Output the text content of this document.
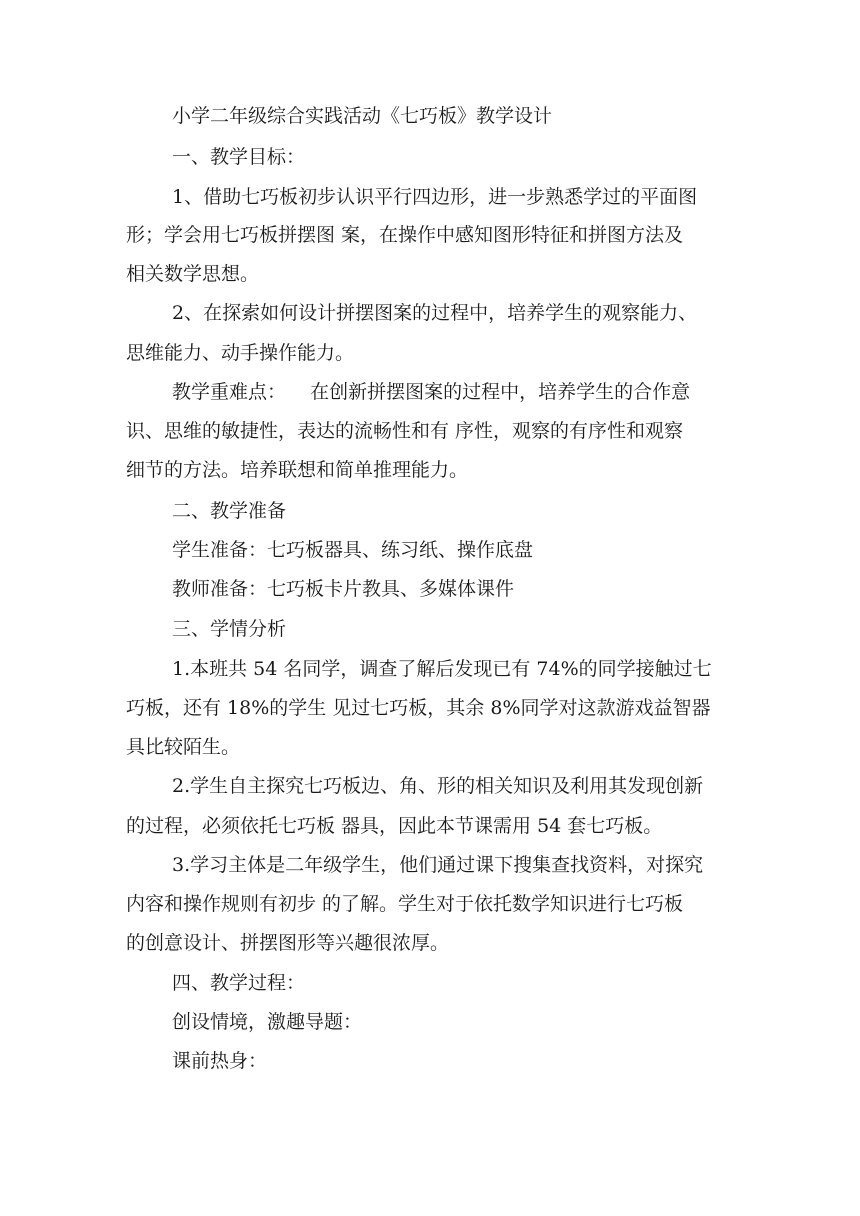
小学二年级综合实践活动《七巧板》教学设计

一、教学目标：

1、借助七巧板初步认识平行四边形，进一步熟悉学过的平面图

形；学会用七巧板拼摆图 案，在操作中感知图形特征和拼图方法及

相关数学思想。

2、在探索如何设计拼摆图案的过程中，培养学生的观察能力、

思维能力、动手操作能力。

教学重难点：    在创新拼摆图案的过程中，培养学生的合作意

识、思维的敏捷性，表达的流畅性和有 序性，观察的有序性和观察

细节的方法。培养联想和简单推理能力。

二、教学准备

学生准备：七巧板器具、练习纸、操作底盘

教师准备：七巧板卡片教具、多媒体课件

三、学情分析

1.本班共 54 名同学，调查了解后发现已有 74%的同学接触过七

巧板，还有 18%的学生 见过七巧板，其余 8%同学对这款游戏益智器

具比较陌生。

2.学生自主探究七巧板边、角、形的相关知识及利用其发现创新

的过程，必须依托七巧板 器具，因此本节课需用 54 套七巧板。

3.学习主体是二年级学生，他们通过课下搜集查找资料，对探究

内容和操作规则有初步 的了解。学生对于依托数学知识进行七巧板

的创意设计、拼摆图形等兴趣很浓厚。

四、教学过程：

创设情境，激趣导题：

课前热身：
